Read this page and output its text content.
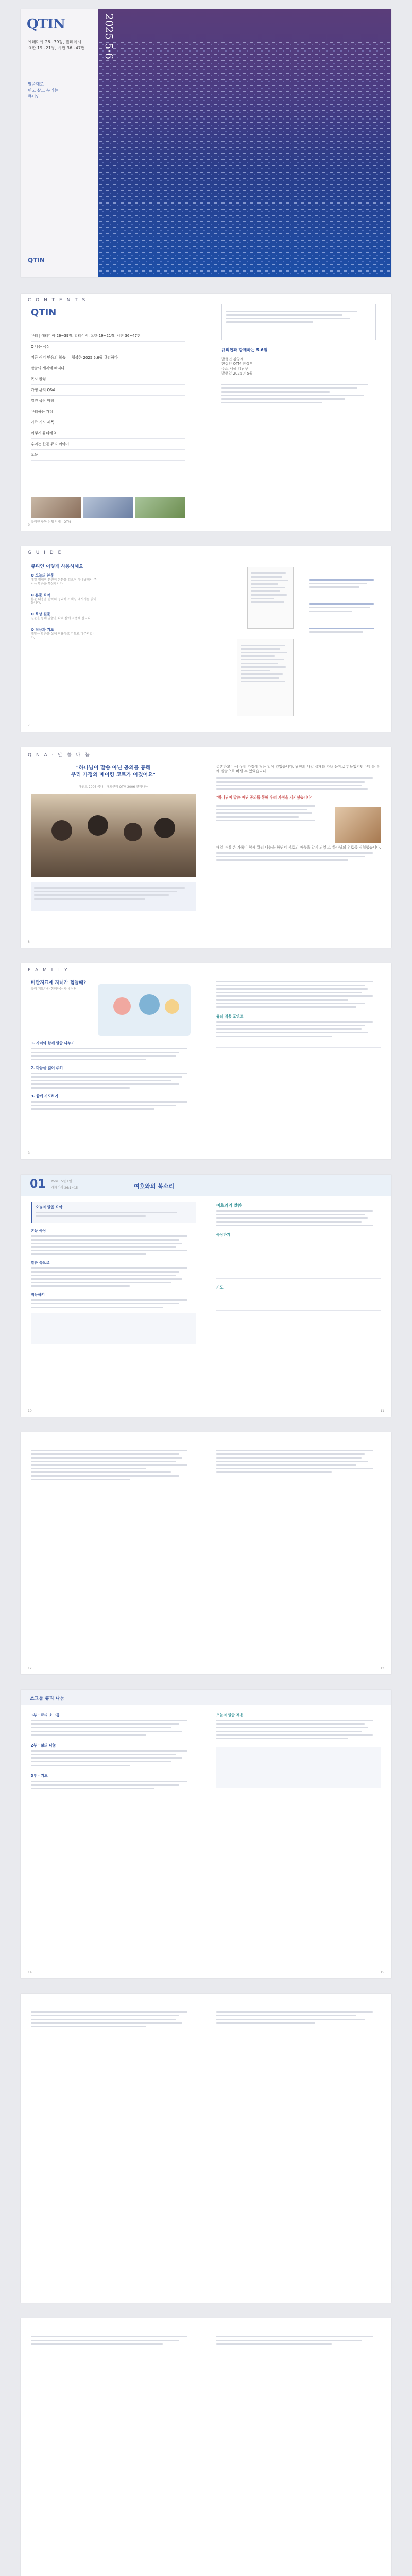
QTIN
예레미야 26~39장, 말레이시
요한 19~21장, 시편 36~47편
말씀대로
믿고 살고 누리는
큐티인
QTIN
2025 5·6
C O N T E N T S
QTIN
큐티 | 예레미야 26~39장, 말레이시, 요한 19~21장, 시편 36~47편
Q 나눔 묵상
지금 여기 믿음의 학습 — 행복한 2025 5.6월 큐티하다
말씀의 세계에 빠지다
목사 칼럼
가정 큐티 Q&A
열린 목장 마당
큐티하는 가정
가족 기도 제목
이렇게 큐티해요
우리는 한몸 큐티 이야기
오늘
큐티인 구독 신청 안내 · QTM
큐티인과 함께하는 5.6월
발행인 김양재
편집인 QTM 편집부
주소 서울 강남구
발행일 2025년 5월
6
G U I D E
큐티인 이렇게 사용하세요
❶ 오늘의 본문
매일 정해진 분량의 본문을 읽으며 하나님께서 주시는 말씀을 묵상합니다.
❷ 본문 요약
본문 내용을 간략히 정리하고 핵심 메시지를 찾아봅니다.
❸ 묵상 질문
질문을 통해 말씀을 나의 삶에 적용해 봅니다.
❹ 적용과 기도
깨달은 말씀을 삶에 적용하고 기도로 마무리합니다.
7
Q N A · 말 씀 나 눔
"하나님이 말씀 아닌 공의를 통해
우리 가정의 메이킹 코트가 이겼어요"
해원드 2006 국내 · 해외큐티 QTM 2006 큐티나눔
결혼하고 나서 우리 가정에 많은 일이 있었습니다. 남편의 사업 실패와 자녀 문제로 힘들었지만 큐티를 통해 말씀으로 버틸 수 있었습니다.
"하나님이 말씀 아닌 공의를 통해 우리 가정을 지키셨습니다"
매일 아침 온 가족이 함께 큐티 나눔을 하면서 서로의 마음을 알게 되었고, 하나님의 위로를 경험했습니다.
8
F A M I L Y
비만지표에 자녀가 힘들때?
큐티 지도자와 함께하는 자녀 상담
1. 자녀와 함께 말씀 나누기
2. 마음을 읽어 주기
3. 함께 기도하기
큐티 적용 포인트
9
01 Mon · 5월 1일
예레미야 26:1~15	여호와의 복소리
오늘의 말씀 요약
본문 묵상
말씀 속으로
적용하기
여호와의 말씀
묵상하기
기도
10	11
12	13
소그룹 큐티 나눔
1부 · 큐티 소그룹
2부 · 삶의 나눔
3부 · 기도
오늘의 말씀 적용
14	15
